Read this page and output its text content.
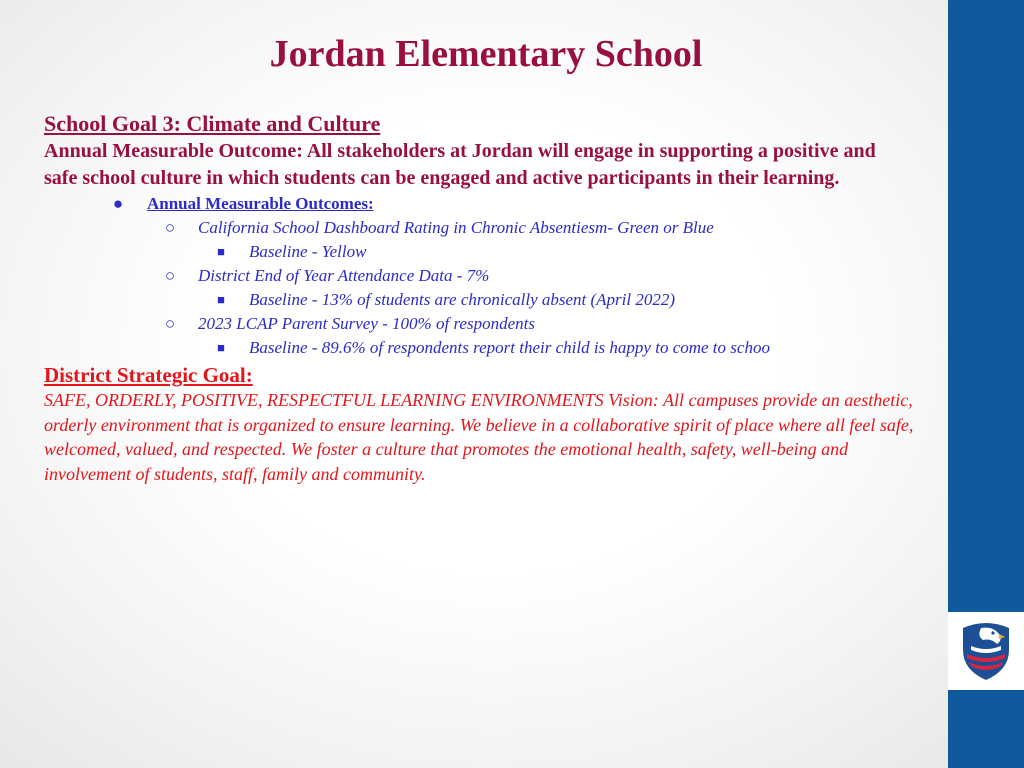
Jordan Elementary School
School Goal 3: Climate and Culture
Annual Measurable Outcome: All stakeholders at Jordan will engage in supporting a positive and safe school culture in which students can be engaged and active participants in their learning.
● Annual Measurable Outcomes:
○ California School Dashboard Rating in Chronic Absentiesm- Green or Blue
■	Baseline - Yellow
○ District End of Year Attendance Data - 7%
■	Baseline - 13% of students are chronically absent (April 2022)
○ 2023 LCAP Parent Survey - 100% of respondents
■	Baseline - 89.6% of respondents report their child is happy to come to schoo
District Strategic Goal:
SAFE, ORDERLY, POSITIVE, RESPECTFUL LEARNING ENVIRONMENTS Vision: All campuses provide an aesthetic, orderly environment that is organized to ensure learning. We believe in a collaborative spirit of place where all feel safe, welcomed, valued, and respected. We foster a culture that promotes the emotional health, safety, well-being and involvement of students, staff, family and community.
